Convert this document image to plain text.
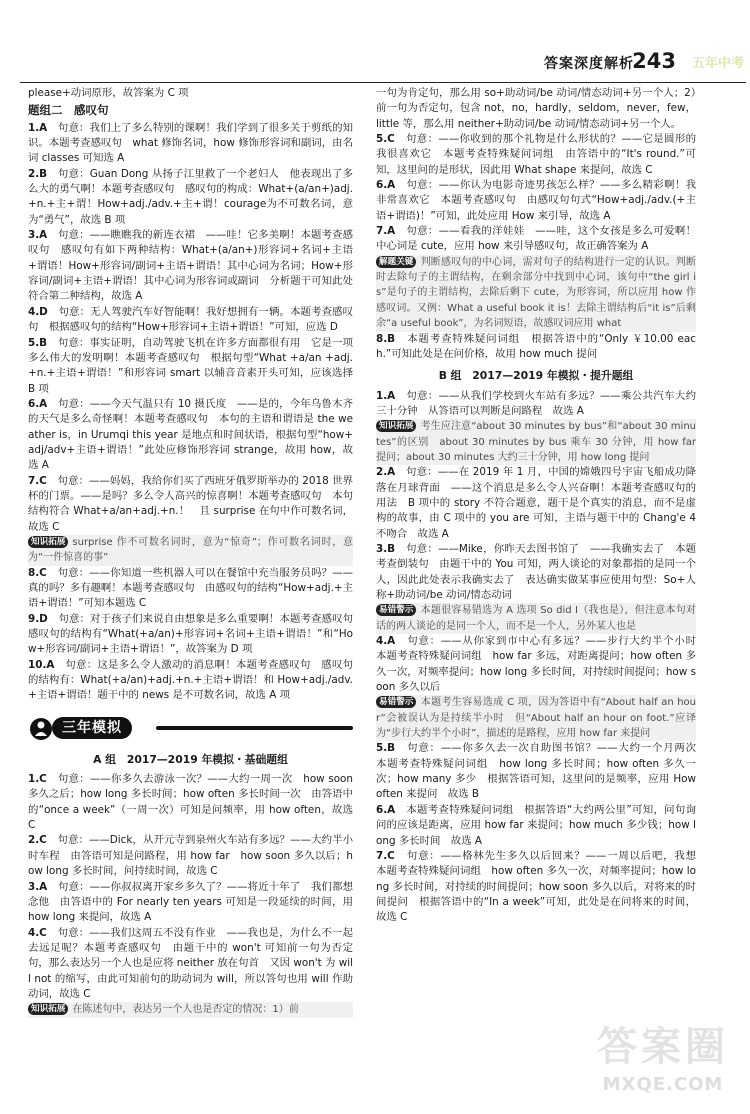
答案深度解析
243 五年中考

please+动词原形，故答案为 C 项

题组二　感叹句

1.A　 句意：我们上了多么特别的课啊！我们学到了很多关于剪纸的知识。本题考查感叹句　what 修饰名词，how 修饰形容词和副词，由名词 classes 可知选 A

2.B　 句意：Guan Dong 从扬子江里救了一个老妇人　他表现出了多么大的勇气啊！本题考查感叹句　感叹句的构成：What+(a/an+)adj.+n.+主+谓！How+adj./adv.+主+谓！courage为不可数名词，意为“勇气”，故选 B 项

3.A　 句意：——瞧瞧我的新连衣裙　——哇！它多美啊！本题考查感叹句　感叹句有如下两种结构：What+(a/an+)形容词+名词+主语+谓语！How+形容词/副词+主语+谓语！其中心词为名词；How+形容词/副词+主语+谓语！其中心词为形容词或副词　分析题干可知此处符合第二种结构，故选 A

4.D　 句意：无人驾驶汽车好智能啊！我好想拥有一辆。本题考查感叹句　根据感叹句的结构“How+形容词+主语+谓语！”可知，应选 D

5.B　 句意：事实证明，自动驾驶飞机在许多方面都很有用　它是一项多么伟大的发明啊！本题考查感叹句　根据句型“What +a/an +adj.+n.+主语+谓语！”和形容词 smart 以辅音音素开头可知，应该选择 B 项

6.A　 句意：——今天气温只有 10 摄氏度　——是的，今年乌鲁木齐的天气是多么奇怪啊！本题考查感叹句　本句的主语和谓语是 the weather is，in Urumqi this year 是地点和时间状语，根据句型“how+adj/adv+主语+谓语！”此处应修饰形容词 strange，故用 how，故选 A

7.C　 句意：——妈妈，我给你们买了西班牙俄罗斯举办的 2018 世界杯的门票。——是吗？多么令人高兴的惊喜啊！本题考查感叹句　本句结构符合 What+a/an+adj.+n.！　且 surprise 在句中作可数名词，故选 C

知识拓展 surprise 作不可数名词时，意为“惊奇”；作可数名词时，意为“一件惊喜的事”

8.C　 句意：——你知道一些机器人可以在餐馆中充当服务员吗？——真的吗？多有趣啊！本题考查感叹句　由感叹句的结构“How+adj.+主语+谓语！”可知本题选 C

9.D　 句意：对于孩子们来说自由想象是多么重要啊！本题考查感叹句　感叹句的结构有“What(+a/an)+形容词+名词+主语+谓语！”和“How+形容词/副词+主语+谓语！”，故答案为 D 项

10.A　 句意：这是多么令人激动的消息啊！本题考查感叹句　感叹句的结构有：What(+a/an)+adj.+n.+主语+谓语！和 How+adj./adv.+主语+谓语！题干中的 news 是不可数名词，故选 A 项

三年模拟
A 组　2017—2019 年模拟・基础题组

1.C　 句意：——你多久去游泳一次？——大约一周一次　how soon 多久之后；how long 多长时间；how often 多长时间一次　由答语中的“once a week”（一周一次）可知是问频率，用 how often，故选 C

2.C　 句意：——Dick，从开元寺到泉州火车站有多远？——大约半小时车程　由答语可知是问路程，用 how far　how soon 多久以后；how long 多长时间，问持续时间，故选 C

3.A　 句意：——你叔叔离开家乡多久了？——将近十年了　我们都想念他　由答语中的 For nearly ten years 可知是一段延续的时间，用 how long 来提问，故选 A

4.C　 句意：——我们这周五不没有作业　——我也是，为什么不一起去远足呢？本题考查感叹句　由题干中的 won't 可知前一句为否定句，那么表达另一个人也是应将 neither 放在句首　又因 won't 为 will not 的缩写，由此可知前句的助动词为 will，所以答句也用 will 作助动词，故选 C

知识拓展 在陈述句中，表达另一个人也是否定的情况：1）前

一句为肯定句，那么用 so+助动词/be 动词/情态动词+另一个人；2）前一句为否定句，包含 not，no，hardly，seldom，never，few，little 等，那么用 neither+助动词/be 动词/情态动词+另一个人。

5.C　 句意：——你收到的那个礼物是什么形状的？——它是圆形的　我很喜欢它　本题考查特殊疑问词组　由答语中的“It's round.”可知，这里问的是形状，因此用 What shape 来提问，故选 C

6.A　 句意：——你认为电影奇迹男孩怎么样？——多么精彩啊！我非常喜欢它　本题考查感叹句　由感叹句句式“How+adj./adv.(+主语+谓语)！”可知，此处应用 How 来引导，故选 A

7.A　 句意：——看我的洋娃娃　——哇，这个女孩是多么可爱啊！中心词是 cute，应用 how 来引导感叹句，故正确答案为 A

解题关键 判断感叹句的中心词，需对句子的结构进行一定的认识。判断时去除句子的主谓结构，在剩余部分中找到中心词，该句中“the girl is”是句子的主谓结构，去除后剩下 cute，为形容词，所以应用 how 作感叹词。又例：What a useful book it is！去除主谓结构后“it is”后剩余“a useful book”，为名词短语，故感叹词应用 what

8.B　 本题考查特殊疑问词组　根据答语中的“Only ￥10.00 each.”可知此处是在问价格，故用 how much 提问

B 组　2017—2019 年模拟・提升题组

1.A　 句意：——从我们学校到火车站有多远？——乘公共汽车大约三十分钟　从答语可以判断是问路程　故选 A

知识拓展 考生应注意“about 30 minutes by bus”和“about 30 minutes”的区别　about 30 minutes by bus 乘车 30 分钟，用 how far 提问；about 30 minutes 大约三十分钟，用 how long 提问

2.A　 句意：——在 2019 年 1 月，中国的嫦娥四号宇宙飞船成功降落在月球背面　——这个消息是多么令人兴奋啊！本题考查感叹句的用法　B 项中的 story 不符合题意，题干是个真实的消息，而不是虚构的故事，由 C 项中的 you are 可知，主语与题干中的 Chang'e 4 不吻合　故选 A

3.B　 句意：——Mike，你昨天去图书馆了　——我确实去了　本题考查倒装句　由题干中的 You 可知，两人谈论的对象都指的是同一个人，因此此处表示我确实去了　表达确实做某事应使用句型：So+人称+助动词/be 动词/情态动词

易错警示 本题很容易错选为 A 选项 So did I（我也是），但注意本句对话的两人谈论的是同一个人，而不是一个人，另外某人也是

4.A　 句意：——从你家到市中心有多远？——步行大约半个小时　本题考查特殊疑问词组　how far 多远，对距离提问；how often 多久一次，对频率提问；how long 多长时间，对持续时间提问；how soon 多久以后

易错警示 本题考生容易选成 C 项，因为答语中有“About half an hour”会被误认为是持续半小时　但“About half an hour on foot.”应译为“步行大约半个小时”，描述的是路程，应用 how far 来提问

5.B　 句意：——你多久去一次自助图书馆？——大约一个月两次　本题考查特殊疑问词组　how long 多长时间；how often 多久一次；how many 多少　根据答语可知，这里问的是频率，应用 How often 来提问　故选 B

6.A　 本题考查特殊疑问词组　根据答语“大约两公里”可知，问句询问的应该是距离，应用 how far 来提问；how much 多少钱；how long 多长时间　故选 A

7.C　 句意：——格林先生多久以后回来？——一周以后吧，我想　本题考查特殊疑问词组　how often 多久一次，对频率提问；how long 多长时间，对持续的时间提问；how soon 多久以后，对将来的时间提问　根据答语中的“In a week”可知，此处是在问将来的时间，故选 C

答案圈
MXQE.COM
